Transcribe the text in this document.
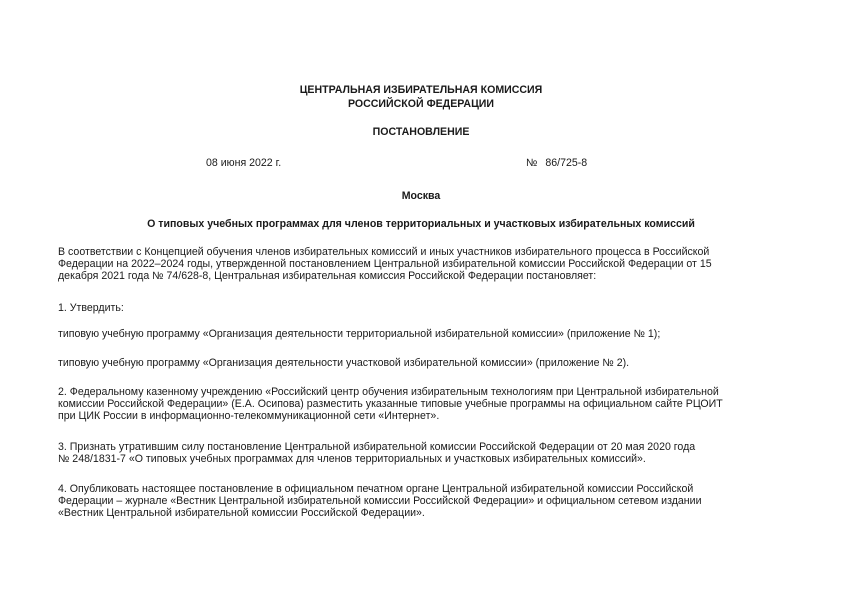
ЦЕНТРАЛЬНАЯ ИЗБИРАТЕЛЬНАЯ КОМИССИЯ
РОССИЙСКОЙ ФЕДЕРАЦИИ
ПОСТАНОВЛЕНИЕ
08 июня 2022 г.	№ 86/725-8
Москва
О типовых учебных программах для членов территориальных и участковых избирательных комиссий
В соответствии с Концепцией обучения членов избирательных комиссий и иных участников избирательного процесса в Российской
Федерации на 2022–2024 годы, утвержденной постановлением Центральной избирательной комиссии Российской Федерации от 15
декабря 2021 года № 74/628-8, Центральная избирательная комиссия Российской Федерации постановляет:
1. Утвердить:
типовую учебную программу «Организация деятельности территориальной избирательной комиссии» (приложение № 1);
типовую учебную программу «Организация деятельности участковой избирательной комиссии» (приложение № 2).
2. Федеральному казенному учреждению «Российский центр обучения избирательным технологиям при Центральной избирательной
комиссии Российской Федерации» (Е.А. Осипова) разместить указанные типовые учебные программы на официальном сайте РЦОИТ
при ЦИК России в информационно-телекоммуникационной сети «Интернет».
3. Признать утратившим силу постановление Центральной избирательной комиссии Российской Федерации от 20 мая 2020 года
№ 248/1831-7 «О типовых учебных программах для членов территориальных и участковых избирательных комиссий».
4. Опубликовать настоящее постановление в официальном печатном органе Центральной избирательной комиссии Российской
Федерации – журнале «Вестник Центральной избирательной комиссии Российской Федерации» и официальном сетевом издании
«Вестник Центральной избирательной комиссии Российской Федерации».
